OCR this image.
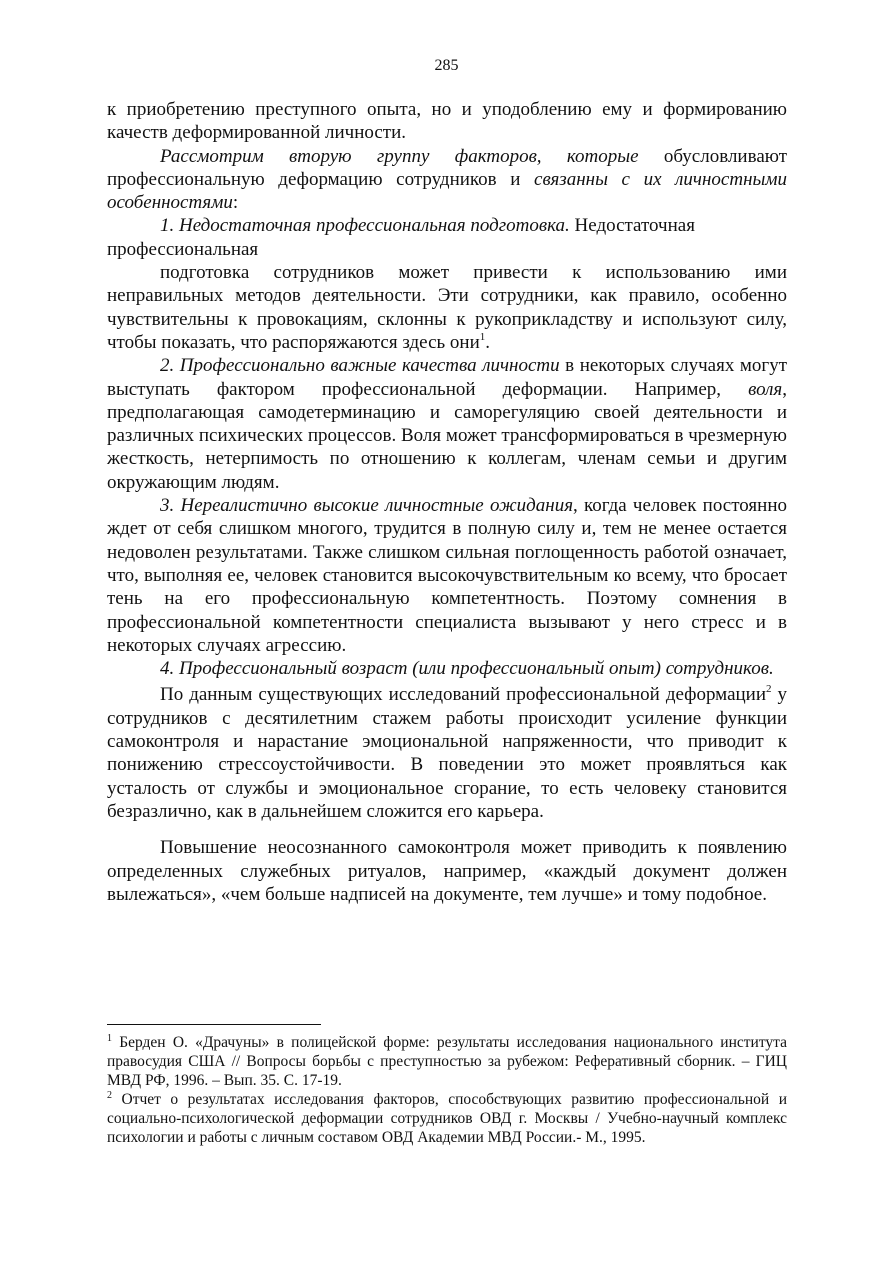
285

к приобретению преступного опыта, но и уподоблению ему и формированию качеств деформированной личности.

Рассмотрим вторую группу факторов, которые обусловливают профессиональную деформацию сотрудников и связанны с их личностными особенностями:

1. Недостаточная профессиональная подготовка. Недостаточная профессиональная

подготовка сотрудников может привести к использованию ими неправильных методов деятельности. Эти сотрудники, как правило, особенно чувствительны к провокациям, склонны к рукоприкладству и используют силу, чтобы показать, что распоряжаются здесь они$^1$.

2. Профессионально важные качества личности в некоторых случаях могут выступать фактором профессиональной деформации. Например, воля, предполагающая самодетерминацию и саморегуляцию своей деятельности и различных психических процессов. Воля может трансформироваться в чрезмерную жесткость, нетерпимость по отношению к коллегам, членам семьи и другим окружающим людям.

3. Нереалистично высокие личностные ожидания, когда человек постоянно ждет от себя слишком многого, трудится в полную силу и, тем не менее остается недоволен результатами. Также слишком сильная поглощенность работой означает, что, выполняя ее, человек становится высокочувствительным ко всему, что бросает тень на его профессиональную компетентность. Поэтому сомнения в профессиональной компетентности специалиста вызывают у него стресс и в некоторых случаях агрессию.

4. Профессиональный возраст (или профессиональный опыт) сотрудников.

По данным существующих исследований профессиональной деформации$^2$ у сотрудников с десятилетним стажем работы происходит усиление функции самоконтроля и нарастание эмоциональной напряженности, что приводит к понижению стрессоустойчивости. В поведении это может проявляться как усталость от службы и эмоциональное сгорание, то есть человеку становится безразлично, как в дальнейшем сложится его карьера.

Повышение неосознанного самоконтроля может приводить к появлению определенных служебных ритуалов, например, «каждый документ должен вылежаться», «чем больше надписей на документе, тем лучше» и тому подобное.

$^1$ Берден О. «Драчуны» в полицейской форме: результаты исследования национального института правосудия США // Вопросы борьбы с преступностью за рубежом: Реферативный сборник. – ГИЦ МВД РФ, 1996. – Вып. 35. С. 17-19.

$^2$ Отчет о результатах исследования факторов, способствующих развитию профессиональной и социально-психологической деформации сотрудников ОВД г. Москвы / Учебно-научный комплекс психологии и работы с личным составом ОВД Академии МВД России.- М., 1995.
